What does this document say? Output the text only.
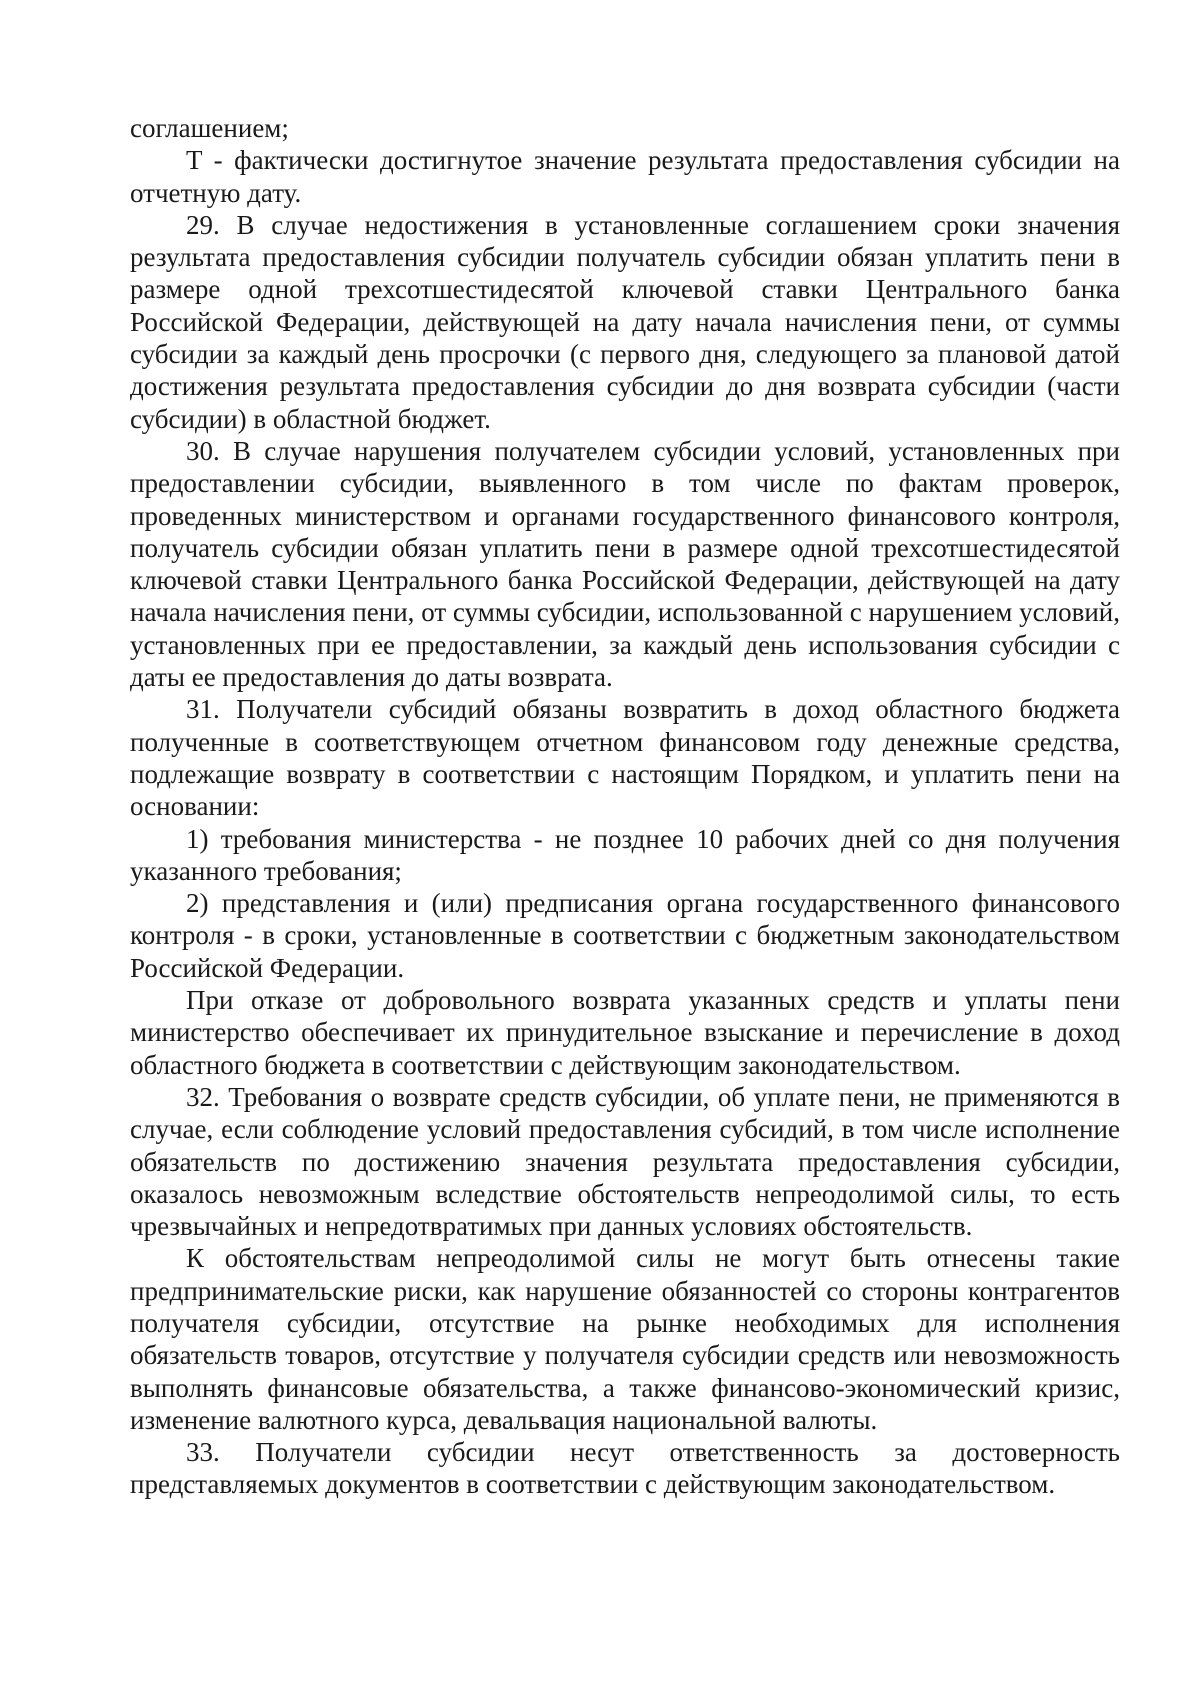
соглашением;

T - фактически достигнутое значение результата предоставления субсидии на отчетную дату.

29. В случае недостижения в установленные соглашением сроки значения результата предоставления субсидии получатель субсидии обязан уплатить пени в размере одной трехсотшестидесятой ключевой ставки Центрального банка Российской Федерации, действующей на дату начала начисления пени, от суммы субсидии за каждый день просрочки (с первого дня, следующего за плановой датой достижения результата предоставления субсидии до дня возврата субсидии (части субсидии) в областной бюджет.

30. В случае нарушения получателем субсидии условий, установленных при предоставлении субсидии, выявленного в том числе по фактам проверок, проведенных министерством и органами государственного финансового контроля, получатель субсидии обязан уплатить пени в размере одной трехсотшестидесятой ключевой ставки Центрального банка Российской Федерации, действующей на дату начала начисления пени, от суммы субсидии, использованной с нарушением условий, установленных при ее предоставлении, за каждый день использования субсидии с даты ее предоставления до даты возврата.

31. Получатели субсидий обязаны возвратить в доход областного бюджета полученные в соответствующем отчетном финансовом году денежные средства, подлежащие возврату в соответствии с настоящим Порядком, и уплатить пени на основании:

1) требования министерства - не позднее 10 рабочих дней со дня получения указанного требования;

2) представления и (или) предписания органа государственного финансового контроля - в сроки, установленные в соответствии с бюджетным законодательством Российской Федерации.

При отказе от добровольного возврата указанных средств и уплаты пени министерство обеспечивает их принудительное взыскание и перечисление в доход областного бюджета в соответствии с действующим законодательством.

32. Требования о возврате средств субсидии, об уплате пени, не применяются в случае, если соблюдение условий предоставления субсидий, в том числе исполнение обязательств по достижению значения результата предоставления субсидии, оказалось невозможным вследствие обстоятельств непреодолимой силы, то есть чрезвычайных и непредотвратимых при данных условиях обстоятельств.

К обстоятельствам непреодолимой силы не могут быть отнесены такие предпринимательские риски, как нарушение обязанностей со стороны контрагентов получателя субсидии, отсутствие на рынке необходимых для исполнения обязательств товаров, отсутствие у получателя субсидии средств или невозможность выполнять финансовые обязательства, а также финансово-экономический кризис, изменение валютного курса, девальвация национальной валюты.

33. Получатели субсидии несут ответственность за достоверность представляемых документов в соответствии с действующим законодательством.
